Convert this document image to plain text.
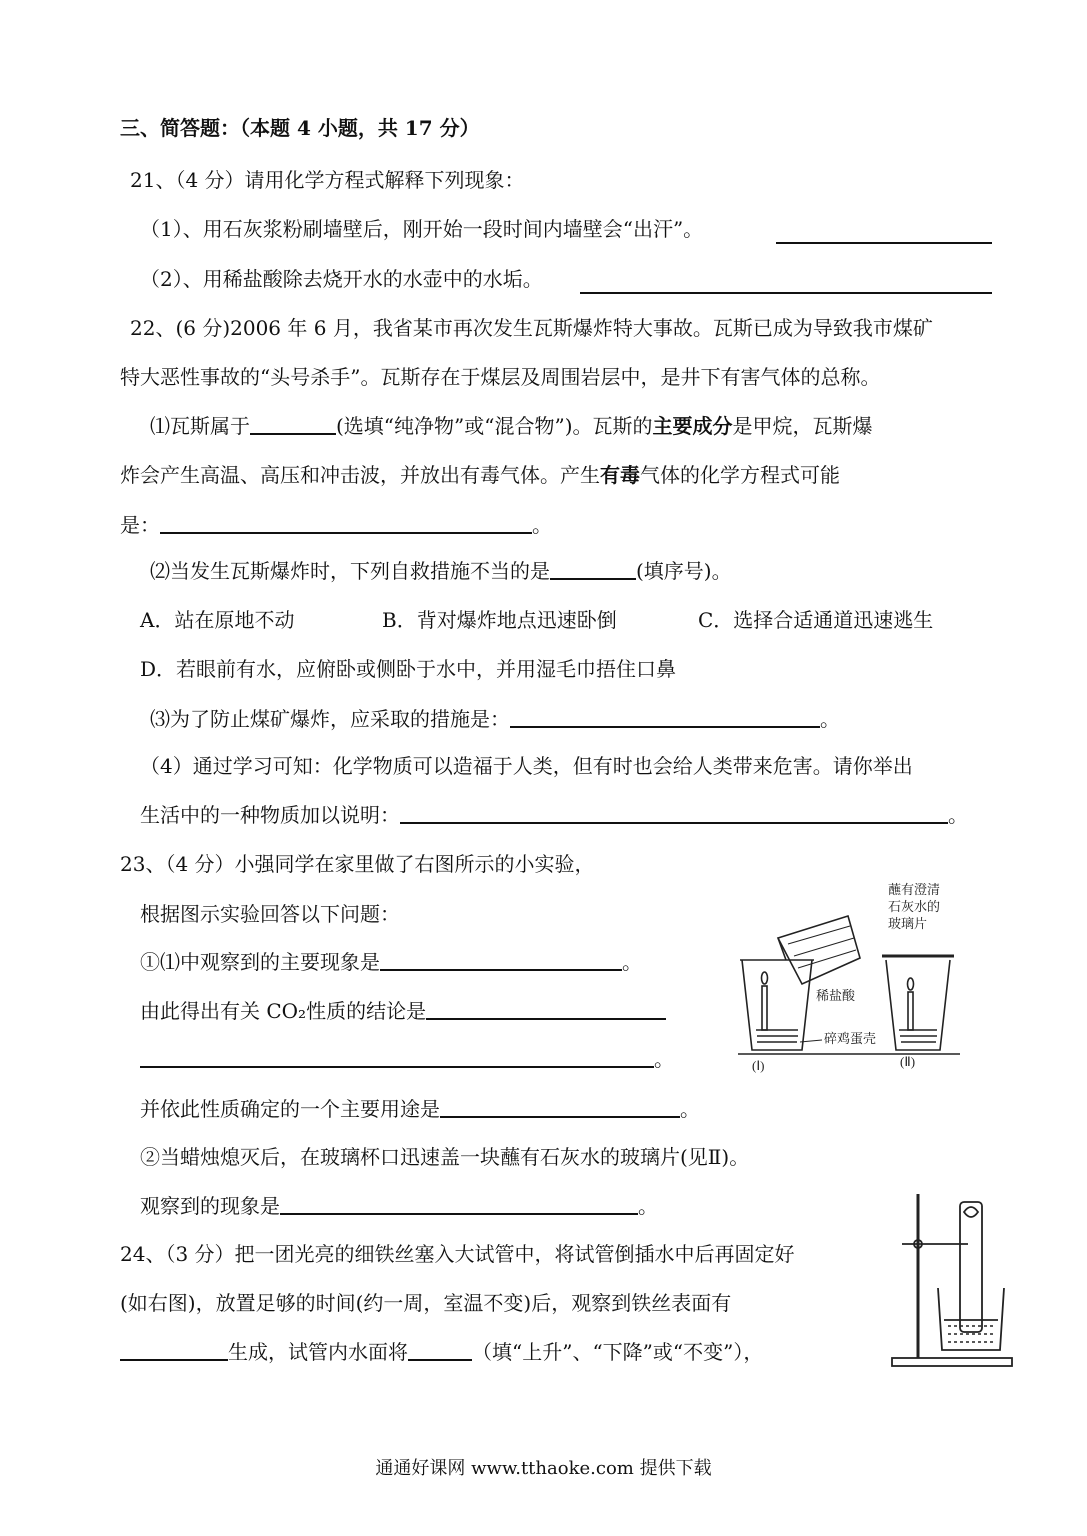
三、简答题：（本题 4 小题，共 17 分）
21、（4 分）请用化学方程式解释下列现象：
（1）、用石灰浆粉刷墙壁后，刚开始一段时间内墙壁会“出汗”。
（2）、用稀盐酸除去烧开水的水壶中的水垢。
22、(6 分)2006 年 6 月，我省某市再次发生瓦斯爆炸特大事故。瓦斯已成为导致我市煤矿
特大恶性事故的“头号杀手”。瓦斯存在于煤层及周围岩层中，是井下有害气体的总称。
⑴瓦斯属于	(选填“纯净物”或“混合物”)。瓦斯的主要成分是甲烷，瓦斯爆
炸会产生高温、高压和冲击波，并放出有毒气体。产生有毒气体的化学方程式可能
是：	。
⑵当发生瓦斯爆炸时，下列自救措施不当的是	(填序号)。
A．站在原地不动	B．背对爆炸地点迅速卧倒	C．选择合适通道迅速逃生
D．若眼前有水，应俯卧或侧卧于水中，并用湿毛巾捂住口鼻
⑶为了防止煤矿爆炸，应采取的措施是：	。
（4）通过学习可知：化学物质可以造福于人类，但有时也会给人类带来危害。请你举出
生活中的一种物质加以说明：	。
23、（4 分）小强同学在家里做了右图所示的小实验，
根据图示实验回答以下问题：
①⑴中观察到的主要现象是	。
由此得出有关 CO₂性质的结论是
。
并依此性质确定的一个主要用途是	。
②当蜡烛熄灭后，在玻璃杯口迅速盖一块蘸有石灰水的玻璃片(见Ⅱ)。
观察到的现象是	。
蘸有澄清
石灰水的
玻璃片
稀盐酸
碎鸡蛋壳
(Ⅰ)	(Ⅱ)
24、（3 分）把一团光亮的细铁丝塞入大试管中，将试管倒插水中后再固定好
(如右图)，放置足够的时间(约一周，室温不变)后，观察到铁丝表面有
生成，试管内水面将	（填“上升”、“下降”或“不变”），
通通好课网 www.tthaoke.com 提供下载
